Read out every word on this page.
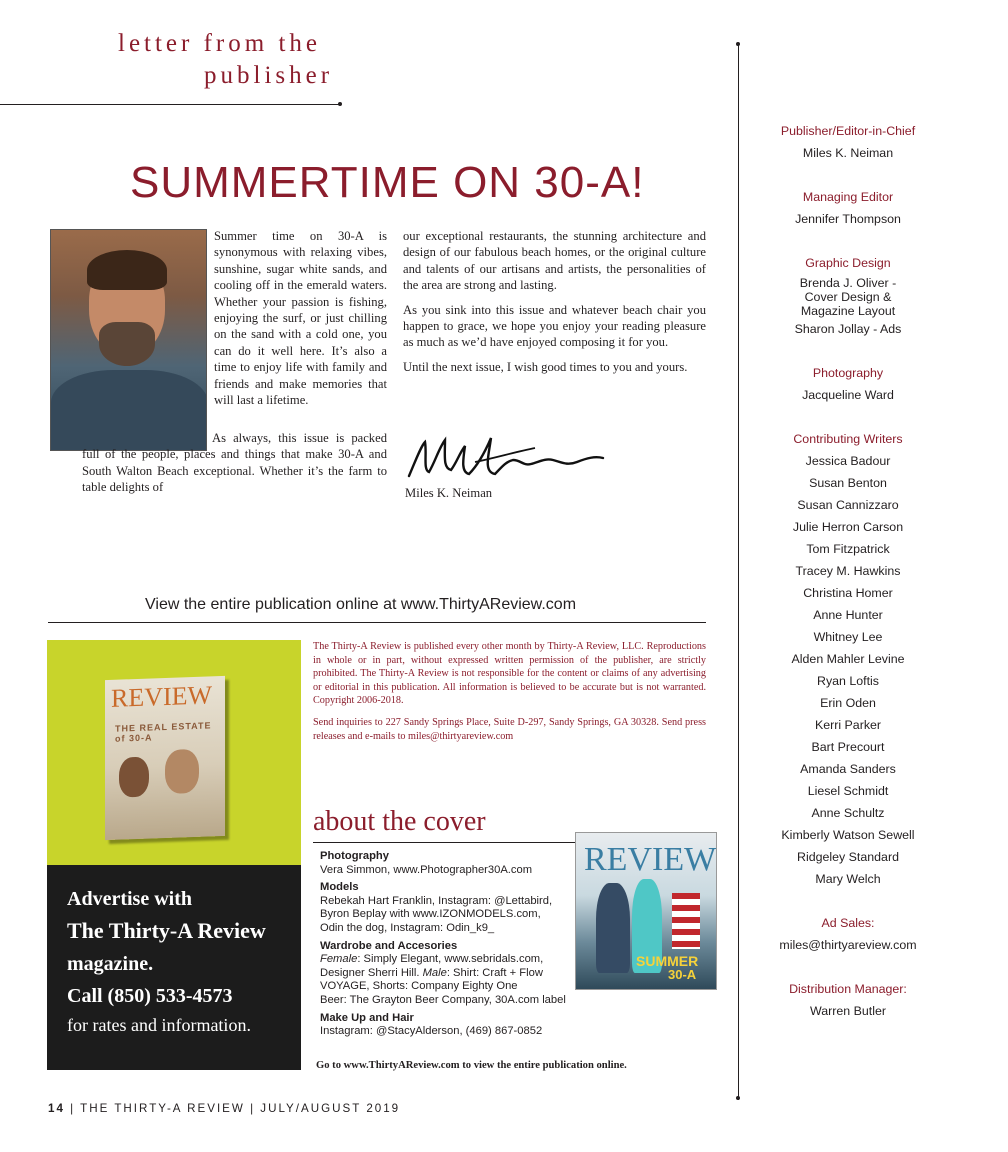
letter from the
publisher
SUMMERTIME ON 30-A!

Summer time on 30-A is synonymous with relaxing vibes, sunshine, sugar white sands, and cooling off in the emerald waters. Whether your passion is fishing, enjoying the surf, or just chilling on the sand with a cold one, you can do it well here. It’s also a time to enjoy life with family and friends and make memories that will last a lifetime.

As always, this issue is packed full of the people, places and things that make 30-A and South Walton Beach exceptional. Whether it’s the farm to table delights of

our exceptional restaurants, the stunning architecture and design of our fabulous beach homes, or the original culture and talents of our artisans and artists, the personalities of the area are strong and lasting.

As you sink into this issue and whatever beach chair you happen to grace, we hope you enjoy your reading pleasure as much as we’d have enjoyed composing it for you.

Until the next issue, I wish good times to you and yours.

Miles K. Neiman
View the entire publication online at www.ThirtyAReview.com
REVIEW
THE REAL ESTATE of 30-A
Advertise with
The Thirty-A Review
magazine.
Call (850) 533-4573
for rates and information.

The Thirty-A Review is published every other month by Thirty-A Review, LLC. Reproductions in whole or in part, without expressed written permission of the publisher, are strictly prohibited. The Thirty-A Review is not responsible for the content or claims of any advertising or editorial in this publication. All information is believed to be accurate but is not warranted. Copyright 2006-2018.

Send inquiries to 227 Sandy Springs Place, Suite D-297, Sandy Springs, GA 30328. Send press releases and e-mails to miles@thirtyareview.com

about the cover
Photography
Vera Simmon, www.Photographer30A.com
Models
Rebekah Hart Franklin, Instagram: @Lettabird,
Byron Beplay with www.IZONMODELS.com,
Odin the dog, Instagram: Odin_k9_
Wardrobe and Accesories
Female: Simply Elegant, www.sebridals.com,
Designer Sherri Hill. Male: Shirt: Craft + Flow
VOYAGE, Shorts: Company Eighty One
Beer: The Grayton Beer Company, 30A.com label
Make Up and Hair
Instagram: @StacyAlderson, (469) 867-0852
REVIEW
SUMMER
30-A
Go to www.ThirtyAReview.com to view the entire publication online.
14 | THE THIRTY-A REVIEW | JULY/AUGUST 2019
Publisher/Editor-in-Chief
Miles K. Neiman
Managing Editor
Jennifer Thompson
Graphic Design
Brenda J. Oliver -
Cover Design &
Magazine Layout
Sharon Jollay - Ads
Photography
Jacqueline Ward
Contributing Writers
Jessica Badour
Susan Benton
Susan Cannizzaro
Julie Herron Carson
Tom Fitzpatrick
Tracey M. Hawkins
Christina Homer
Anne Hunter
Whitney Lee
Alden Mahler Levine
Ryan Loftis
Erin Oden
Kerri Parker
Bart Precourt
Amanda Sanders
Liesel Schmidt
Anne Schultz
Kimberly Watson Sewell
Ridgeley Standard
Mary Welch
Ad Sales:
miles@thirtyareview.com
Distribution Manager:
Warren Butler
